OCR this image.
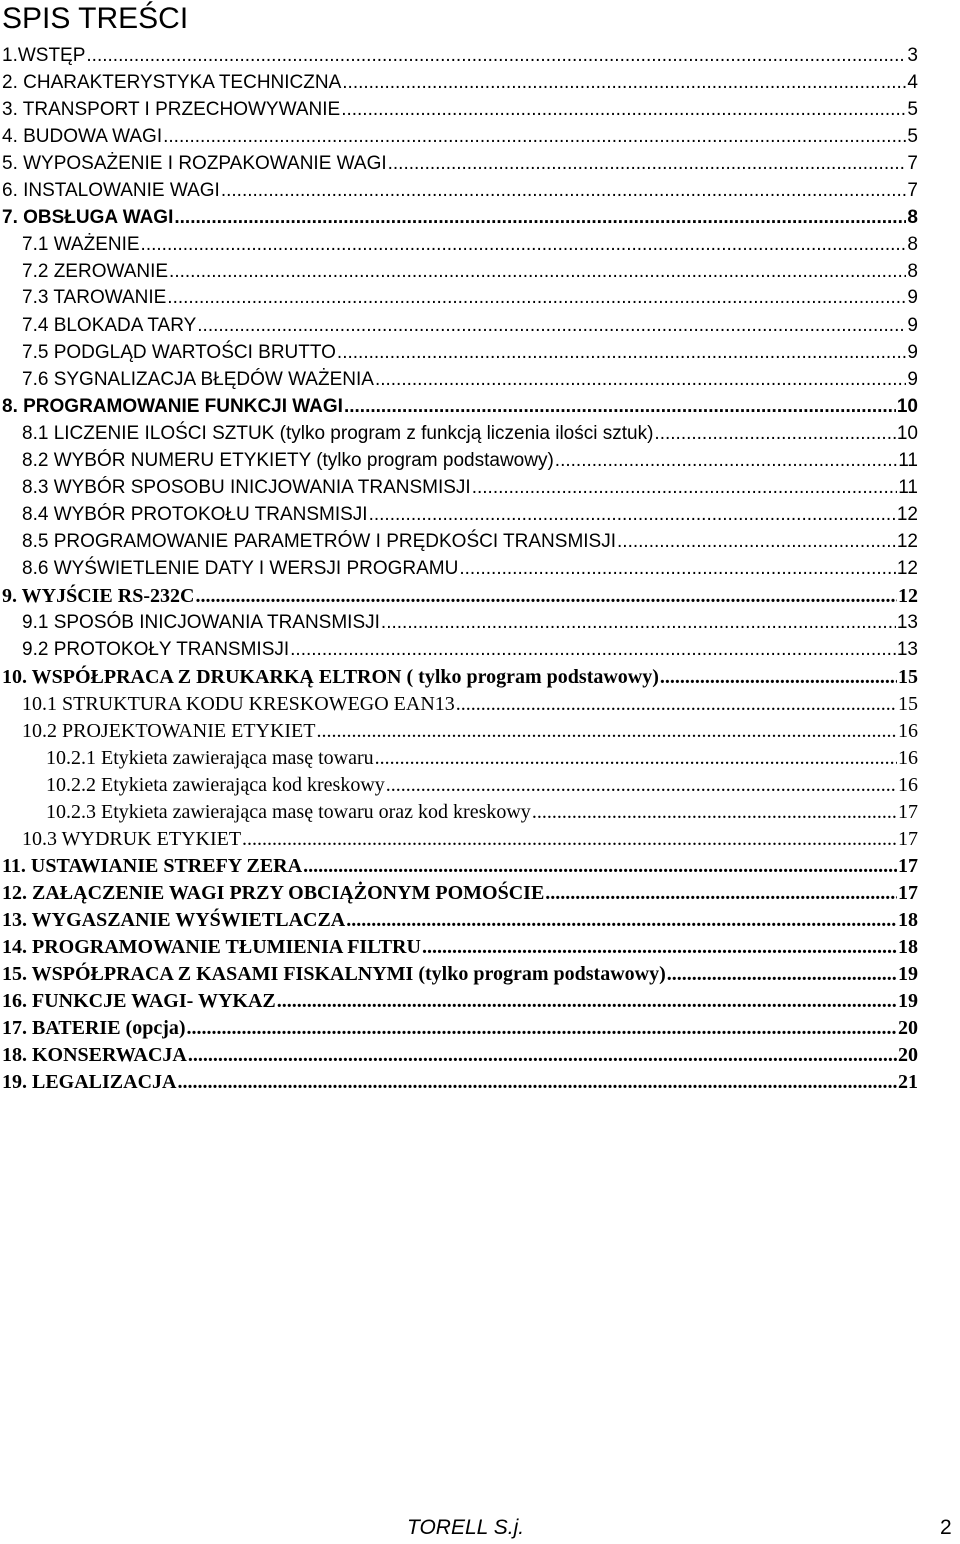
SPIS TREŚCI
1.WSTĘP .....	3
2. CHARAKTERYSTYKA TECHNICZNA .....	4
3. TRANSPORT I PRZECHOWYWANIE .....	5
4. BUDOWA WAGI .....	5
5. WYPOSAŻENIE I ROZPAKOWANIE WAGI .....	7
6. INSTALOWANIE WAGI .....	7
7. OBSŁUGA WAGI .....	8
7.1 WAŻENIE .....	8
7.2 ZEROWANIE .....	8
7.3 TAROWANIE .....	9
7.4 BLOKADA TARY .....	9
7.5 PODGLĄD WARTOŚCI BRUTTO .....	9
7.6 SYGNALIZACJA BŁĘDÓW WAŻENIA .....	9
8. PROGRAMOWANIE FUNKCJI WAGI .....	10
8.1 LICZENIE ILOŚCI SZTUK (tylko program z funkcją liczenia ilości sztuk) .....	10
8.2 WYBÓR NUMERU ETYKIETY (tylko program podstawowy) .....	11
8.3 WYBÓR SPOSOBU INICJOWANIA TRANSMISJI .....	11
8.4 WYBÓR PROTOKOŁU TRANSMISJI .....	12
8.5 PROGRAMOWANIE PARAMETRÓW I PRĘDKOŚCI TRANSMISJI .....	12
8.6 WYŚWIETLENIE DATY I WERSJI PROGRAMU .....	12
9. WYJŚCIE RS-232C .....	12
9.1 SPOSÓB INICJOWANIA TRANSMISJI .....	13
9.2 PROTOKOŁY TRANSMISJI .....	13
10. WSPÓŁPRACA Z DRUKARKĄ ELTRON ( tylko program podstawowy) .....	15
10.1 STRUKTURA KODU KRESKOWEGO EAN13 .....	15
10.2 PROJEKTOWANIE ETYKIET .....	16
10.2.1 Etykieta zawierająca masę towaru .....	16
10.2.2 Etykieta zawierająca kod kreskowy .....	16
10.2.3 Etykieta zawierająca masę towaru oraz kod kreskowy .....	17
10.3 WYDRUK ETYKIET .....	17
11. USTAWIANIE STREFY ZERA .....	17
12. ZAŁĄCZENIE WAGI PRZY OBCIĄŻONYM POMOŚCIE .....	17
13. WYGASZANIE WYŚWIETLACZA .....	18
14. PROGRAMOWANIE TŁUMIENIA FILTRU .....	18
15. WSPÓŁPRACA Z KASAMI FISKALNYMI (tylko program podstawowy) .....	19
16. FUNKCJE WAGI- WYKAZ .....	19
17. BATERIE (opcja) .....	20
18. KONSERWACJA .....	20
19. LEGALIZACJA .....	21
TORELL S.j.	2
